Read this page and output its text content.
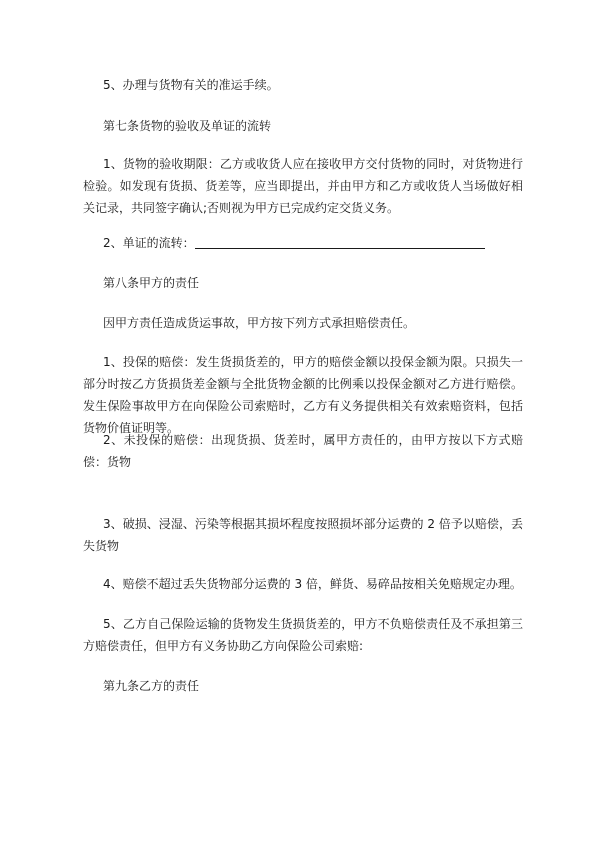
5、办理与货物有关的准运手续。

第七条货物的验收及单证的流转

1、货物的验收期限：乙方或收货人应在接收甲方交付货物的同时，对货物进行检验。如发现有货损、货差等，应当即提出，并由甲方和乙方或收货人当场做好相关记录，共同签字确认;否则视为甲方已完成约定交货义务。

2、单证的流转：

第八条甲方的责任

因甲方责任造成货运事故，甲方按下列方式承担赔偿责任。

1、投保的赔偿：发生货损货差的，甲方的赔偿金额以投保金额为限。只损失一部分时按乙方货损货差金额与全批货物金额的比例乘以投保金额对乙方进行赔偿。发生保险事故甲方在向保险公司索赔时，乙方有义务提供相关有效索赔资料，包括货物价值证明等。

2、未投保的赔偿：出现货损、货差时，属甲方责任的，由甲方按以下方式赔偿：货物

3、破损、浸湿、污染等根据其损坏程度按照损坏部分运费的 2 倍予以赔偿，丢失货物

4、赔偿不超过丢失货物部分运费的 3 倍，鲜货、易碎品按相关免赔规定办理。

5、乙方自己保险运输的货物发生货损货差的，甲方不负赔偿责任及不承担第三方赔偿责任，但甲方有义务协助乙方向保险公司索赔:

第九条乙方的责任
